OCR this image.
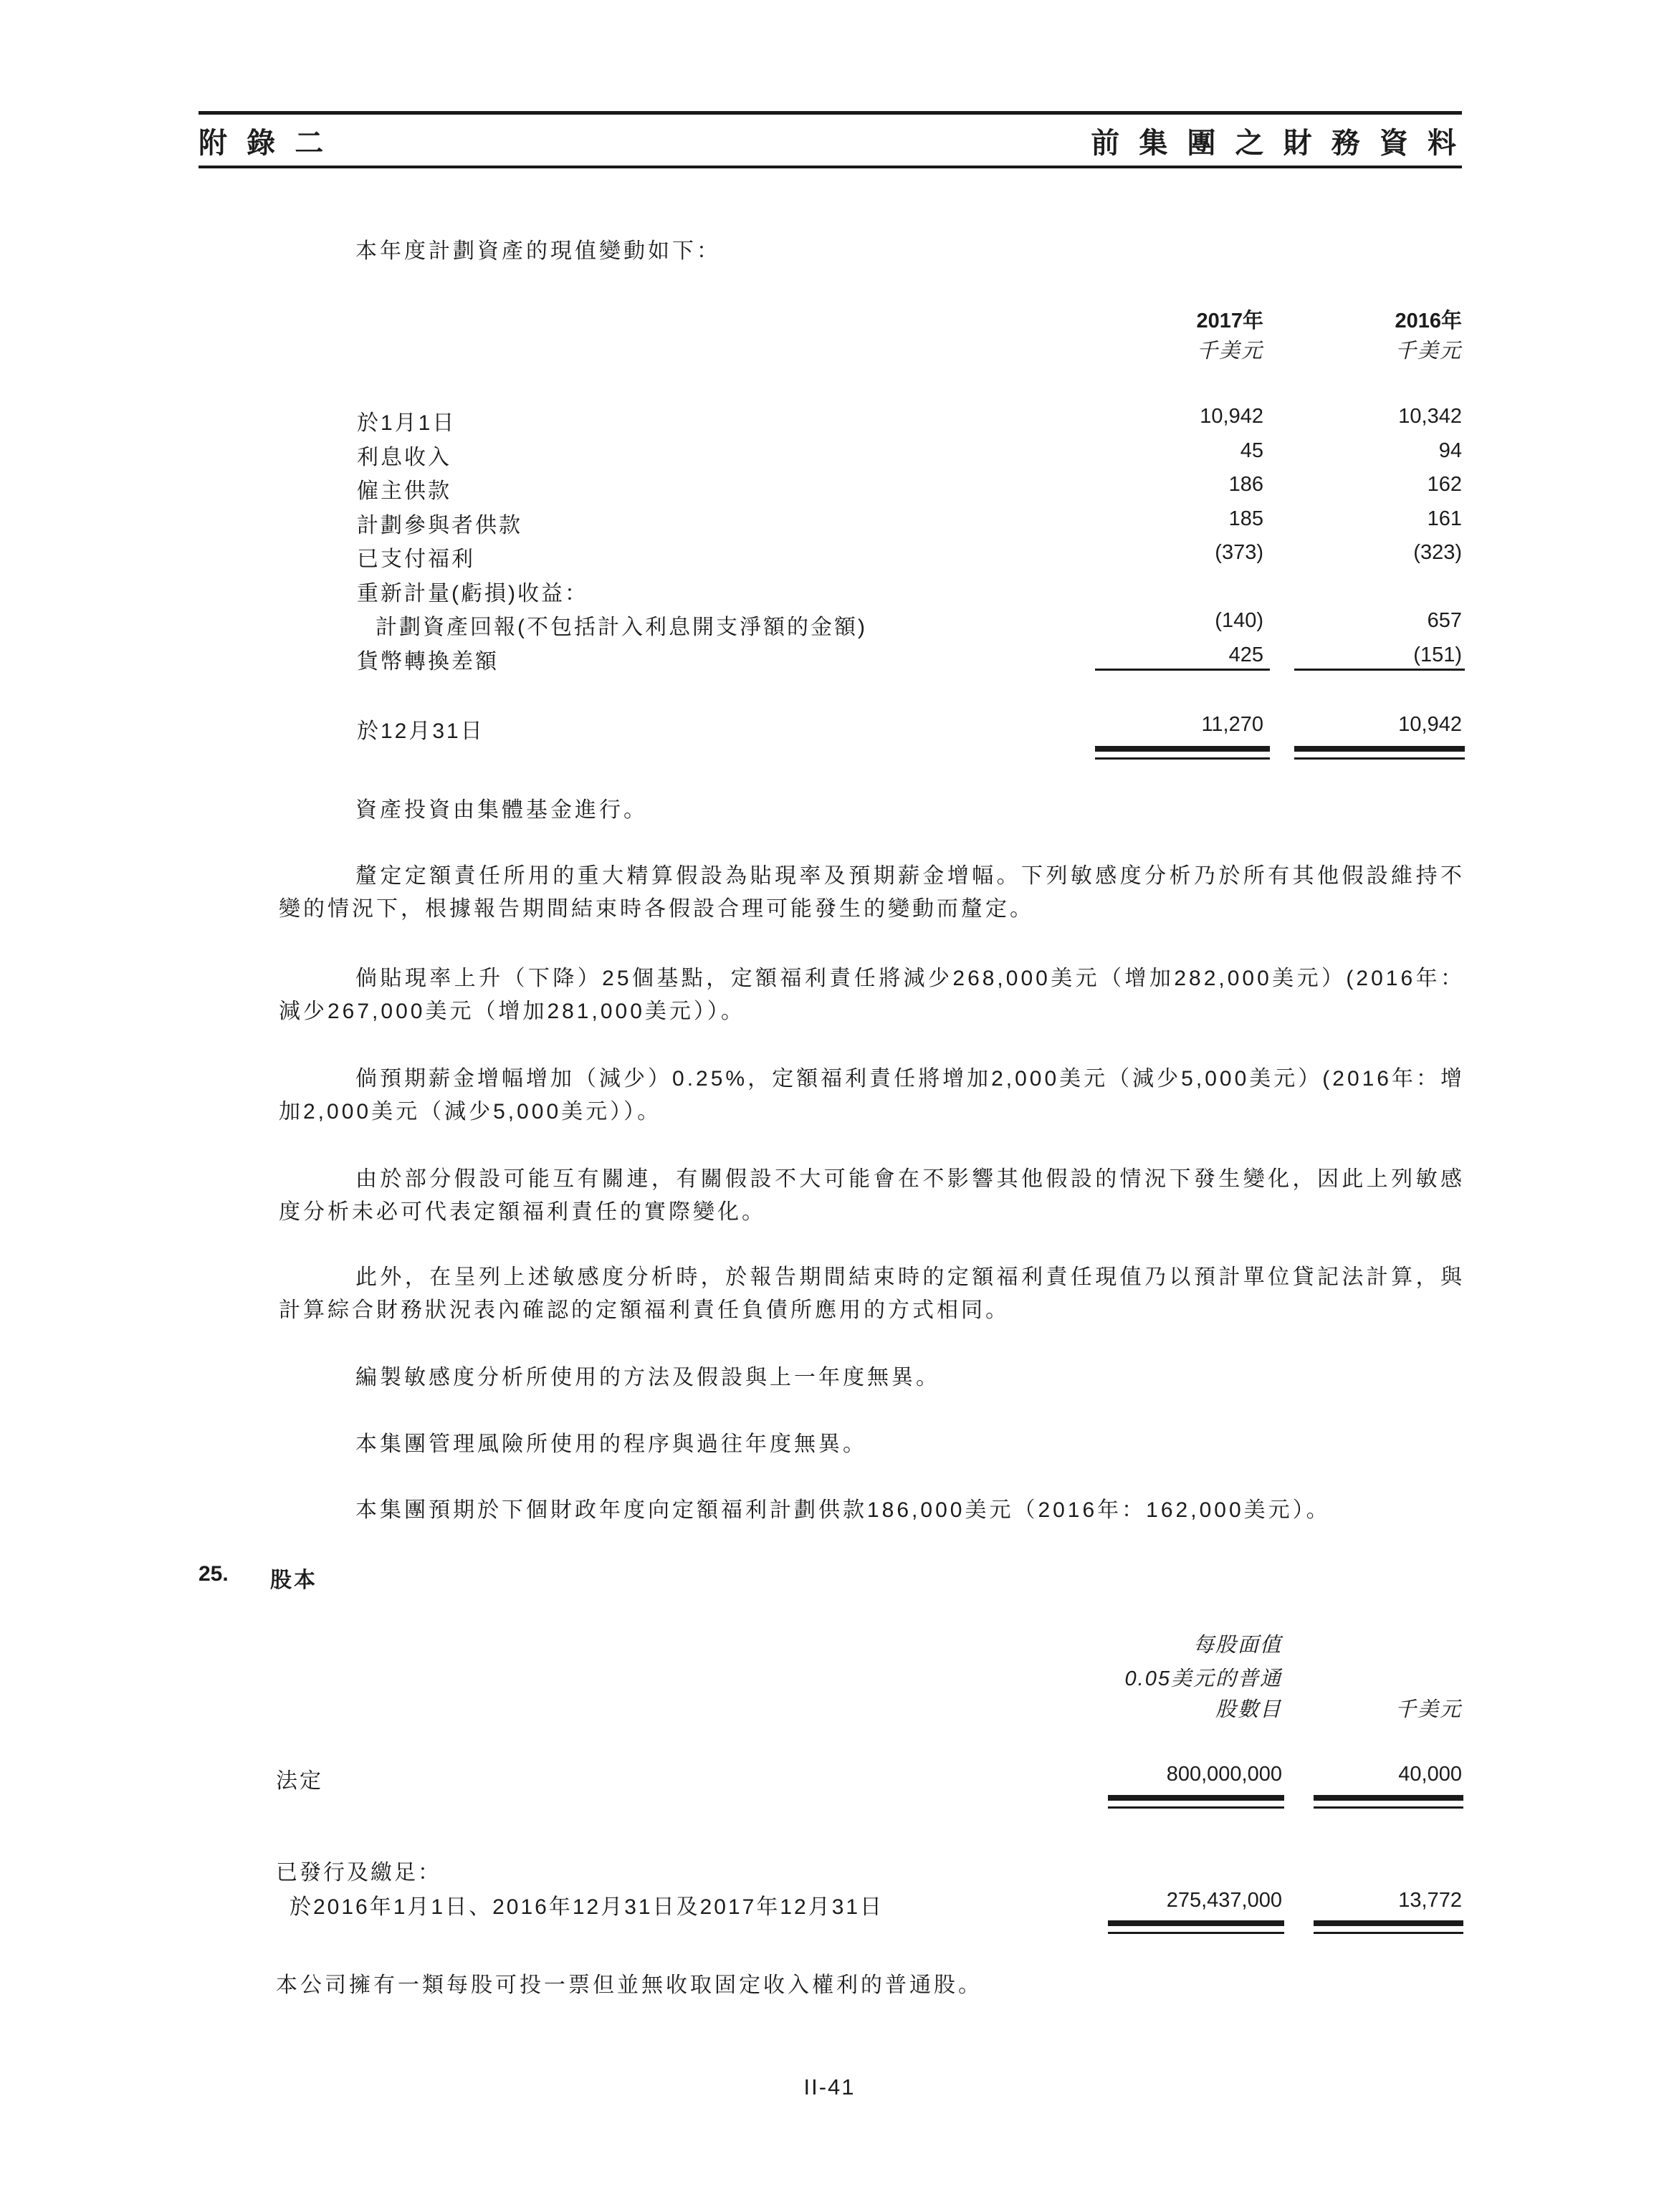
附 錄 二	前 集 團 之 財 務 資 料
本年度計劃資產的現值變動如下：
2017年	2016年
千美元	千美元
於1月1日	10,942	10,342
利息收入	45	94
僱主供款	186	162
計劃參與者供款	185	161
已支付福利	(373)	(323)
重新計量(虧損)收益：
計劃資產回報(不包括計入利息開支淨額的金額)	(140)	657
貨幣轉換差額	425	(151)
於12月31日	11,270	10,942
資產投資由集體基金進行。
釐定定額責任所用的重大精算假設為貼現率及預期薪金增幅。下列敏感度分析乃於所有其他假設維持不變的情況下，根據報告期間結束時各假設合理可能發生的變動而釐定。
倘貼現率上升（下降）25個基點，定額福利責任將減少268,000美元（增加282,000美元）(2016年：減少267,000美元（增加281,000美元））。
倘預期薪金增幅增加（減少）0.25%，定額福利責任將增加2,000美元（減少5,000美元）(2016年：增加2,000美元（減少5,000美元））。
由於部分假設可能互有關連，有關假設不大可能會在不影響其他假設的情況下發生變化，因此上列敏感度分析未必可代表定額福利責任的實際變化。
此外，在呈列上述敏感度分析時，於報告期間結束時的定額福利責任現值乃以預計單位貸記法計算，與計算綜合財務狀況表內確認的定額福利責任負債所應用的方式相同。
編製敏感度分析所使用的方法及假設與上一年度無異。
本集團管理風險所使用的程序與過往年度無異。
本集團預期於下個財政年度向定額福利計劃供款186,000美元（2016年：162,000美元）。
25. 股本
每股面值
0.05美元的普通
股數目	千美元
法定	800,000,000	40,000
已發行及繳足：
於2016年1月1日、2016年12月31日及2017年12月31日	275,437,000	13,772
本公司擁有一類每股可投一票但並無收取固定收入權利的普通股。
II-41
